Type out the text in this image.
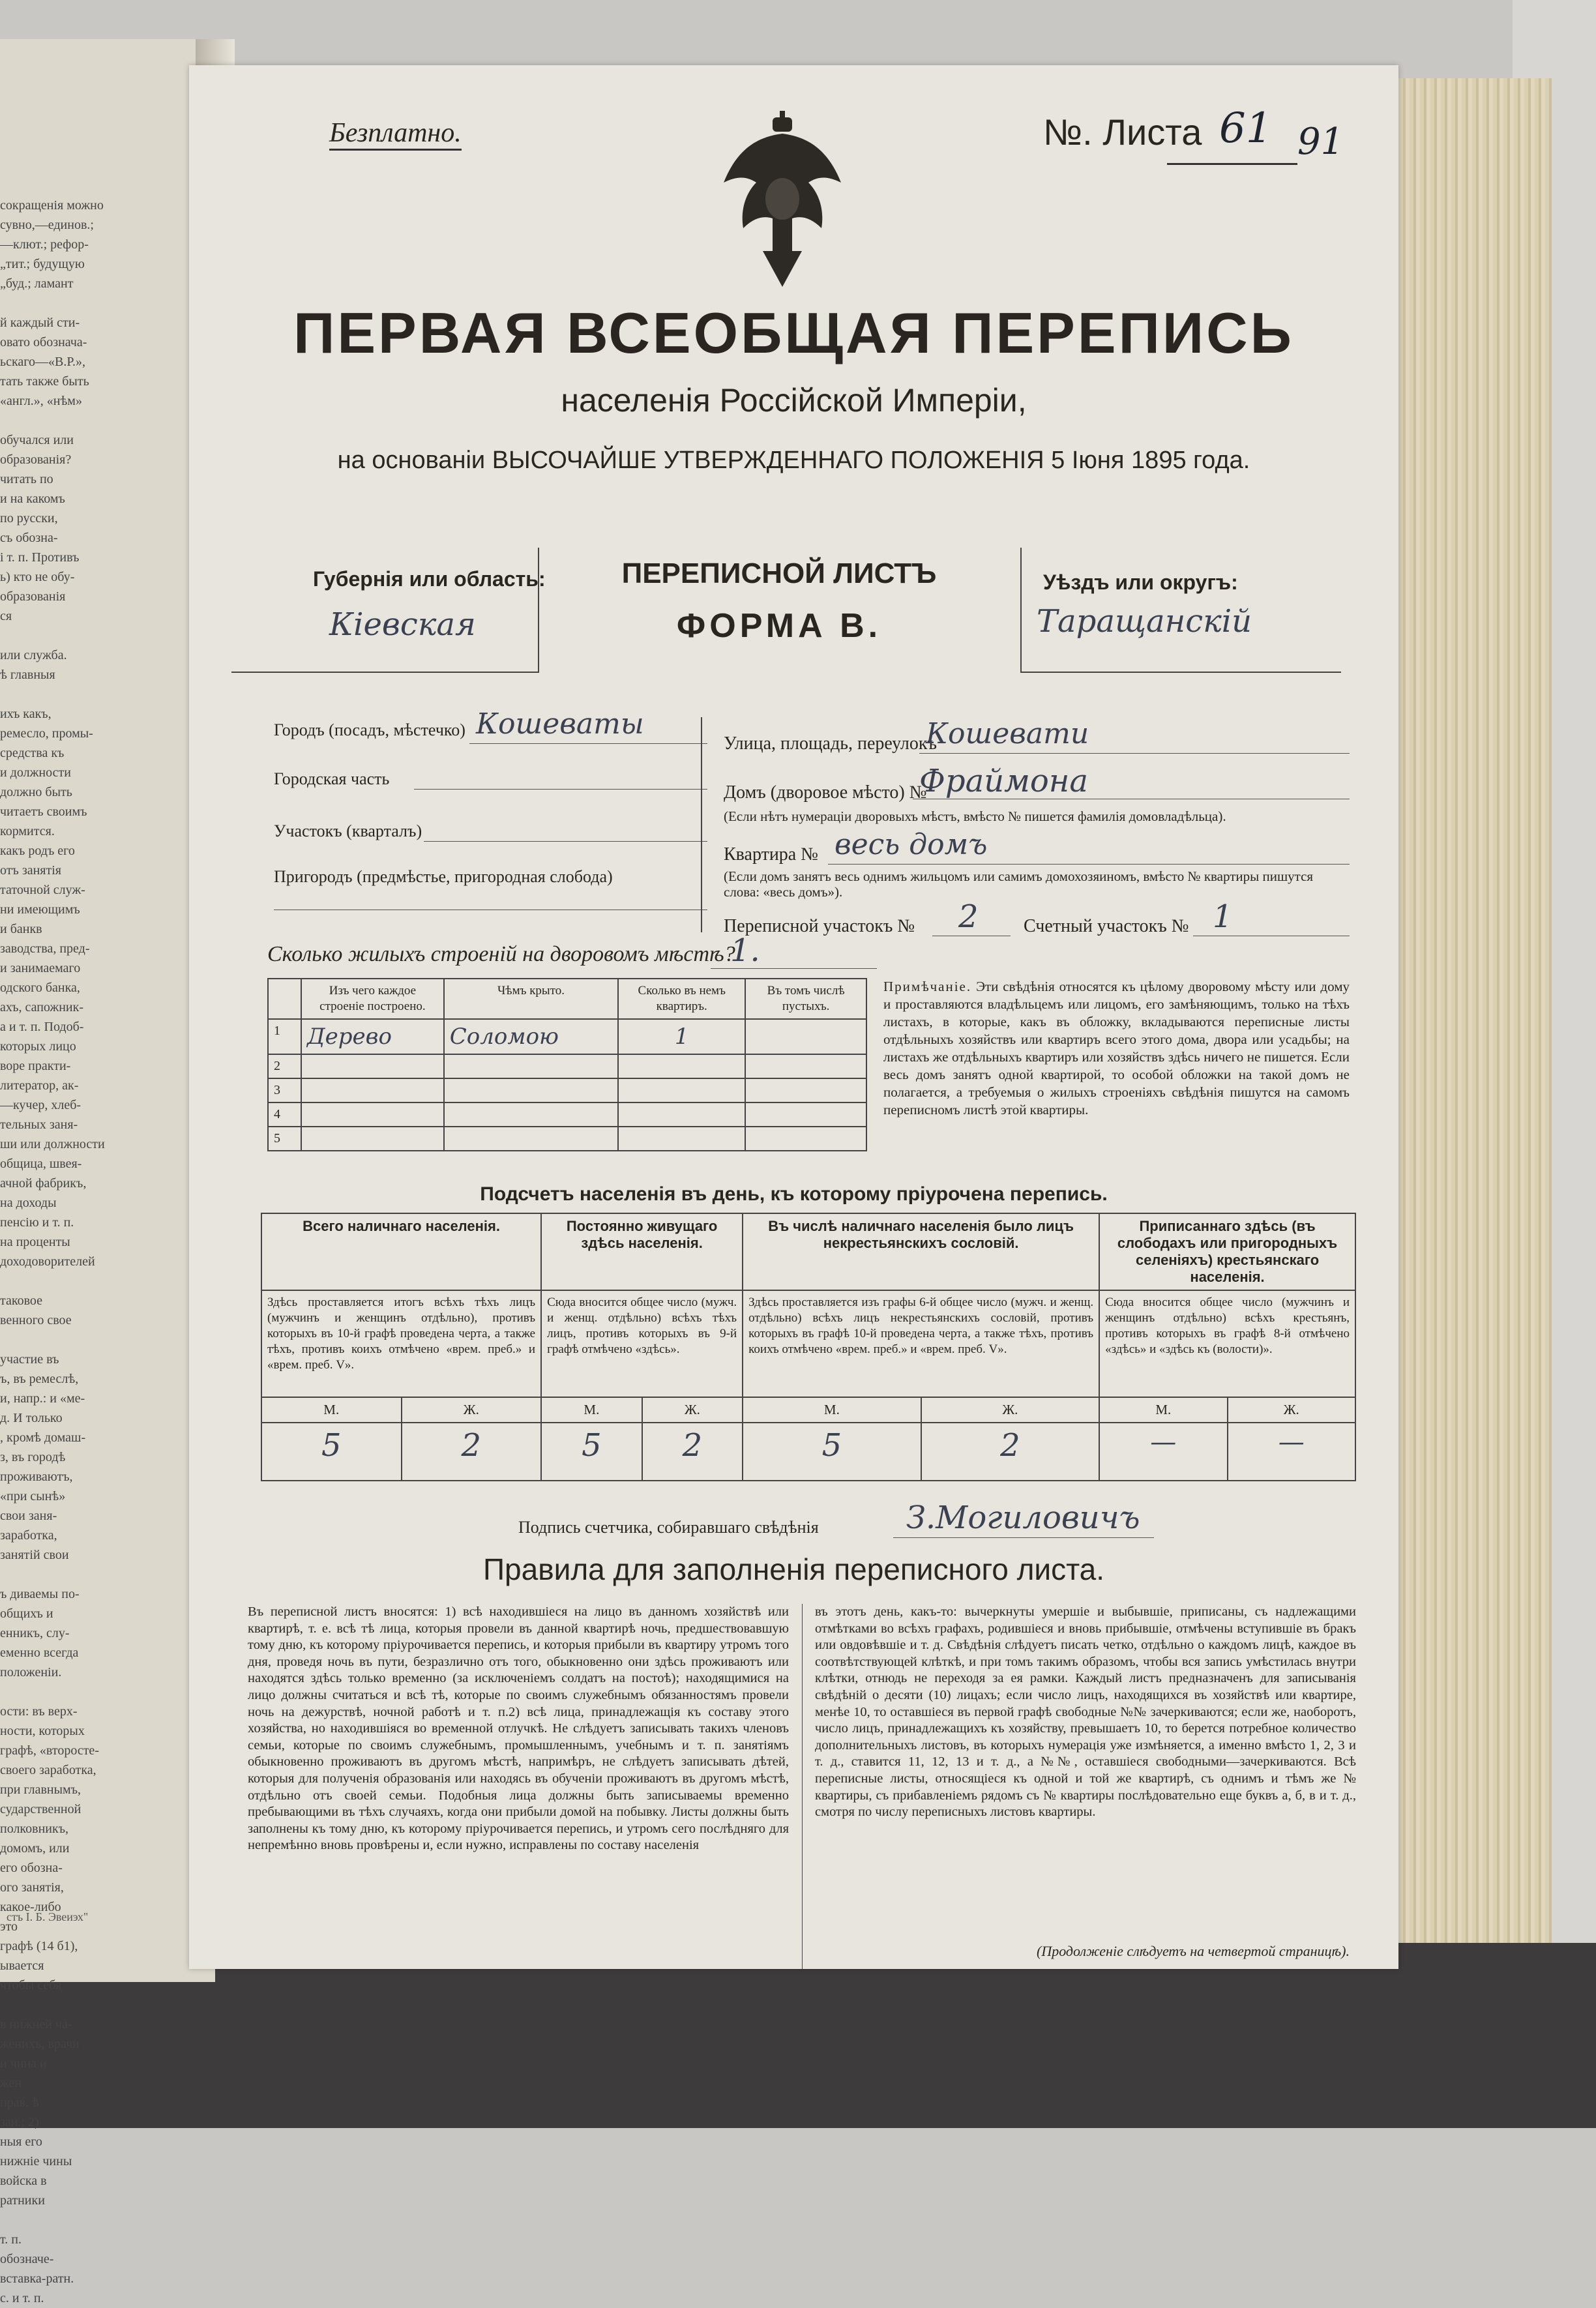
сокращенія можно
сувно,—единов.;
—клют.; рефор-
„тит.; будущую
„буд.; ламант

й каждый сти-
овато обознача-
ьскаго—«В.Р.»,
тать также быть
«англ.», «нѣм»

обучался или
образованія?
читать по
и на какомъ
по русски,
съ обозна-
і т. п. Противъ
ь) кто не обу-
образованія
ся

или служба.
ѣ главныя

ихъ какъ,
ремесло, промы-
средства къ
и должности
должно быть
читаетъ своимъ
кормится.
какъ родъ его
отъ занятія
таточной служ-
ни имеющимъ
и банкв
заводства, пред-
и занимаемаго
одского банка,
ахъ, сапожник-
а и т. п. Подоб-
которых лицо
воре практи-
литератор, ак-
—кучер, хлеб-
тельных заня-
ши или должности
общица, швея-
ачной фабрикъ,
на доходы
пенсію и т. п.
на проценты
доходоворителей

таковое
венного свое

участие въ
ъ, въ ремеслѣ,
и, напр.: и «ме-
д. И только
, кромѣ домаш-
з, въ городѣ
проживаютъ,
«при сынѣ»
свои заня-
заработка,
занятій свои

ъ диваемы по-
общихъ и
енникъ, слу-
еменно всегда
положеніи.

ости: въ верх-
ности, которых
графѣ, «второсте-
своего заработка,
при главнымъ,
сударственной
полковникъ,
домомъ, или
его обозна-
ого занятія,
какое-либо
это
графѣ (14 б1),
ывается
чтобы себя

в нижней ча-
женихъ, врачи
и чина и
жен
прав. ѣ
заи.; 2)
ныя его
нижніе чины
войска в
ратники

т. п.
обозначе-
вставка-ратн.
с. и т. п.
стъ І. Б. Эвеиэх"
Безплатно.	№. Листа 61 91
ПЕРВАЯ ВСЕОБЩАЯ ПЕРЕПИСЬ
населенія Россійской Имперіи,
на основаніи ВЫСОЧАЙШЕ УТВЕРЖДЕННАГО ПОЛОЖЕНІЯ 5 Іюня 1895 года.
Губернія или область:
Кіевская
ПЕРЕПИСНОЙ ЛИСТЪ
ФОРМА В.
Уѣздъ или округъ:
Таращанскій
Городъ (посадъ, мѣстечко) Кошеваты
Городская часть
Участокъ (кварталъ)
Пригородъ (предмѣстье, пригородная слобода)
Улица, площадь, переулокъ
Кошевати
Домъ (дворовое мѣсто) №
Фраймона
(Если нѣтъ нумераціи дворовыхъ мѣстъ, вмѣсто № пишется фамилія домовладѣльца).
Квартира № весь домъ
(Если домъ занятъ весь однимъ жильцомъ или самимъ домохозяиномъ, вмѣсто № квартиры пишутся слова: «весь домъ»).
Переписной участокъ № 2 Счетный участокъ № 1
Сколько жилыхъ строеній на дворовомъ мѣстѣ?
1.
	Изъ чего каждое строеніе построено.	Чѣмъ крыто.	Сколько въ немъ квартиръ.	Въ томъ числѣ пустыхъ.
1	Дерево	Соломою	1	
2				
3				
4				
5				
Примѣчаніе. Эти свѣдѣнія относятся къ цѣлому дворовому мѣсту или дому и проставляются владѣльцемъ или лицомъ, его замѣняющимъ, только на тѣхъ листахъ, в которые, какъ въ обложку, вкладываются переписные листы отдѣльныхъ хозяйствъ или квартиръ всего этого дома, двора или усадьбы; на листахъ же отдѣльныхъ квартиръ или хозяйствъ здѣсь ничего не пишется. Если весь домъ занятъ одной квартирой, то особой обложки на такой домъ не полагается, а требуемыя о жилыхъ строеніяхъ свѣдѣнія пишутся на самомъ переписномъ листѣ этой квартиры.
Подсчетъ населенія въ день, къ которому пріурочена перепись.
Всего наличнаго населенія.		Постоянно живущаго здѣсь населенія.		Въ числѣ наличнаго населенія было лицъ некрестьянскихъ сословій.		Приписаннаго здѣсь (въ слободахъ или пригородныхъ селеніяхъ) крестьянскаго населенія.	
Здѣсь проставляется итогъ всѣхъ тѣхъ лицъ (мужчинъ и женщинъ отдѣльно), противъ которыхъ въ 10-й графѣ проведена черта, а также тѣхъ, противъ коихъ отмѣчено «врем. преб.» и «врем. преб. V».		Сюда вносится общее число (мужч. и женщ. отдѣльно) всѣхъ тѣхъ лицъ, противъ которыхъ въ 9-й графѣ отмѣчено «здѣсь».		Здѣсь проставляется изъ графы 6-й общее число (мужч. и женщ. отдѣльно) всѣхъ лицъ некрестьянскихъ сословій, противъ которыхъ въ графѣ 10-й проведена черта, а также тѣхъ, противъ коихъ отмѣчено «врем. преб.» и «врем. преб. V».		Сюда вносится общее число (мужчинъ и женщинъ отдѣльно) всѣхъ крестьянъ, противъ которыхъ въ графѣ 8-й отмѣчено «здѣсь» и «здѣсь къ (волости)».	
М.	Ж.	М.	Ж.	М.	Ж.	М.	Ж.
5	2	5	2	5	2	—	—
Подпись счетчика, собиравшаго свѣдѣнія	З.Могиловичъ
Правила для заполненія переписного листа.
Въ переписной листъ вносятся: 1) всѣ находившіеся на лицо въ данномъ хозяйствѣ или квартирѣ, т. е. всѣ тѣ лица, которыя провели въ данной квартирѣ ночь, предшествовавшую тому дню, къ которому пріурочивается перепись, и которыя прибыли въ квартиру утромъ того дня, проведя ночь въ пути, безразлично отъ того, обыкновенно они здѣсь проживаютъ или находятся здѣсь только временно (за исключеніемъ солдатъ на постоѣ); находящимися на лицо должны считаться и всѣ тѣ, которые по своимъ служебнымъ обязанностямъ провели ночь на дежурствѣ, ночной работѣ и т. п.2) всѣ лица, принадлежащія къ составу этого хозяйства, но находившіяся во временной отлучкѣ. Не слѣдуетъ записывать такихъ членовъ семьи, которые по своимъ служебнымъ, промышленнымъ, учебнымъ и т. п. занятіямъ обыкновенно проживаютъ въ другомъ мѣстѣ, напримѣръ, не слѣдуетъ записывать дѣтей, которыя для полученія образованія или находясь въ обученіи проживаютъ въ другомъ мѣстѣ, отдѣльно отъ своей семьи. Подобныя лица должны быть записываемы временно пребывающими въ тѣхъ случаяхъ, когда они прибыли домой на побывку. Листы должны быть заполнены къ тому дню, къ которому пріурочивается перепись, и утромъ сего послѣдняго для непремѣнно вновь провѣрены и, если нужно, исправлены по составу населенія
въ этотъ день, какъ-то: вычеркнуты умершіе и выбывшіе, приписаны, съ надлежащими отмѣтками во всѣхъ графахъ, родившіеся и вновь прибывшіе, отмѣчены вступившіе въ бракъ или овдовѣвшіе и т. д. Свѣдѣнія слѣдуетъ писать четко, отдѣльно о каждомъ лицѣ, каждое въ соотвѣтствующей клѣткѣ, и при томъ такимъ образомъ, чтобы вся запись умѣстилась внутри клѣтки, отнюдь не переходя за ея рамки. Каждый листъ предназначенъ для записыванія свѣдѣній о десяти (10) лицахъ; если число лицъ, находящихся въ хозяйствѣ или квартире, менѣе 10, то оставшіеся въ первой графѣ свободные №№ зачеркиваются; если же, наоборотъ, число лицъ, принадлежащихъ къ хозяйству, превышаетъ 10, то берется потребное количество дополнительныхъ листовъ, въ которыхъ нумерація уже измѣняется, а именно вмѣсто 1, 2, 3 и т. д., ставится 11, 12, 13 и т. д., а №№, оставшіеся свободными—зачеркиваются. Всѣ переписные листы, относящіеся къ одной и той же квартирѣ, съ однимъ и тѣмъ же № квартиры, съ прибавленіемъ рядомъ съ № квартиры послѣдовательно еще буквъ а, б, в и т. д., смотря по числу переписныхъ листовъ квартиры.
(Продолженіе слѣдуетъ на четвертой страницѣ).
